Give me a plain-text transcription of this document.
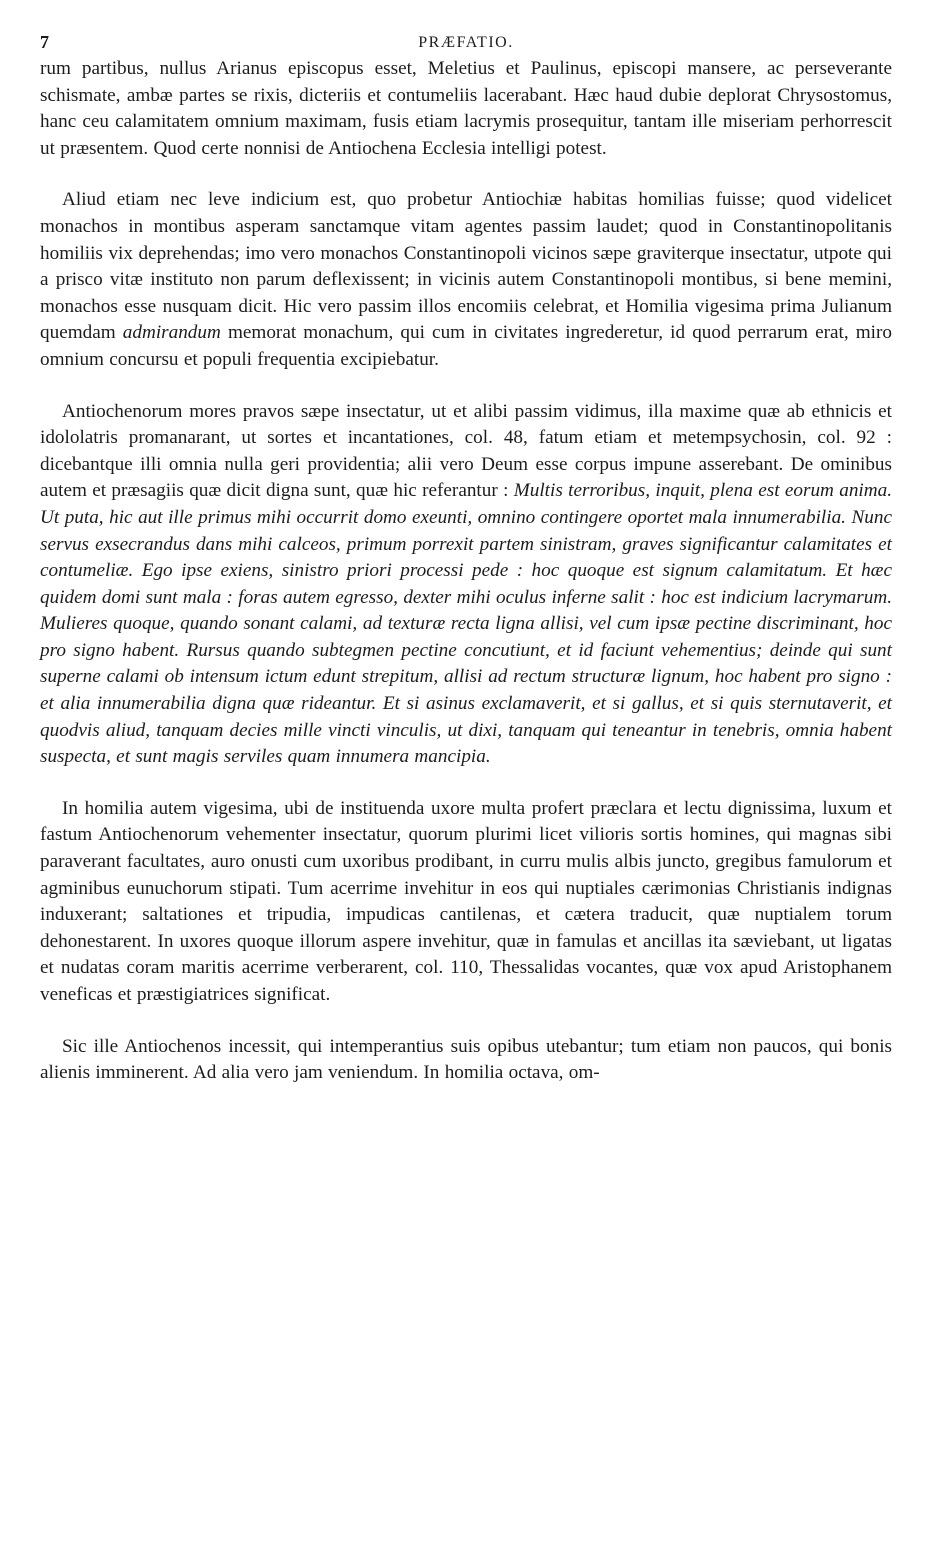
7	PRÆFATIO.

rum partibus, nullus Arianus episcopus esset, Meletius et Paulinus, episcopi mansere, ac perseverante schismate, ambæ partes se rixis, dicteriis et contumeliis lacerabant. Hæc haud dubie deplorat Chrysostomus, hanc ceu calamitatem omnium maximam, fusis etiam lacrymis prosequitur, tantam ille miseriam perhorrescit ut præsentem. Quod certe nonnisi de Antiochena Ecclesia intelligi potest.

Aliud etiam nec leve indicium est, quo probetur Antiochiæ habitas homilias fuisse; quod videlicet monachos in montibus asperam sanctamque vitam agentes passim laudet; quod in Constantinopolitanis homiliis vix deprehendas; imo vero monachos Constantinopoli vicinos sæpe graviterque insectatur, utpote qui a prisco vitæ instituto non parum deflexissent; in vicinis autem Constantinopoli montibus, si bene memini, monachos esse nusquam dicit. Hic vero passim illos encomiis celebrat, et Homilia vigesima prima Julianum quemdam admirandum memorat monachum, qui cum in civitates ingrederetur, id quod perrarum erat, miro omnium concursu et populi frequentia excipiebatur.

Antiochenorum mores pravos sæpe insectatur, ut et alibi passim vidimus, illa maxime quæ ab ethnicis et idololatris promanarant, ut sortes et incantationes, col. 48, fatum etiam et metempsychosin, col. 92 : dicebantque illi omnia nulla geri providentia; alii vero Deum esse corpus impune asserebant. De ominibus autem et præsagiis quæ dicit digna sunt, quæ hic referantur : Multis terroribus, inquit, plena est eorum anima. Ut puta, hic aut ille primus mihi occurrit domo exeunti, omnino contingere oportet mala innumerabilia. Nunc servus exsecrandus dans mihi calceos, primum porrexit partem sinistram, graves significantur calamitates et contumeliæ. Ego ipse exiens, sinistro priori processi pede : hoc quoque est signum calamitatum. Et hæc quidem domi sunt mala : foras autem egresso, dexter mihi oculus inferne salit : hoc est indicium lacrymarum. Mulieres quoque, quando sonant calami, ad texturæ recta ligna allisi, vel cum ipsæ pectine discriminant, hoc pro signo habent. Rursus quando subtegmen pectine concutiunt, et id faciunt vehementius; deinde qui sunt superne calami ob intensum ictum edunt strepitum, allisi ad rectum structuræ lignum, hoc habent pro signo : et alia innumerabilia digna quæ rideantur. Et si asinus exclamaverit, et si gallus, et si quis sternutaverit, et quodvis aliud, tanquam decies mille vincti vinculis, ut dixi, tanquam qui teneantur in tenebris, omnia habent suspecta, et sunt magis serviles quam innumera mancipia.

In homilia autem vigesima, ubi de instituenda uxore multa profert præclara et lectu dignissima, luxum et fastum Antiochenorum vehementer insectatur, quorum plurimi licet vilioris sortis homines, qui magnas sibi paraverant facultates, auro onusti cum uxoribus prodibant, in curru mulis albis juncto, gregibus famulorum et agminibus eunuchorum stipati. Tum acerrime invehitur in eos qui nuptiales cærimonias Christianis indignas induxerant; saltationes et tripudia, impudicas cantilenas, et cætera traducit, quæ nuptialem torum dehonestarent. In uxores quoque illorum aspere invehitur, quæ in famulas et ancillas ita sæviebant, ut ligatas et nudatas coram maritis acerrime verberarent, col. 110, Thessalidas vocantes, quæ vox apud Aristophanem veneficas et præstigiatrices significat.

Sic ille Antiochenos incessit, qui intemperantius suis opibus utebantur; tum etiam non paucos, qui bonis alienis imminerent. Ad alia vero jam veniendum. In homilia octava, om-
